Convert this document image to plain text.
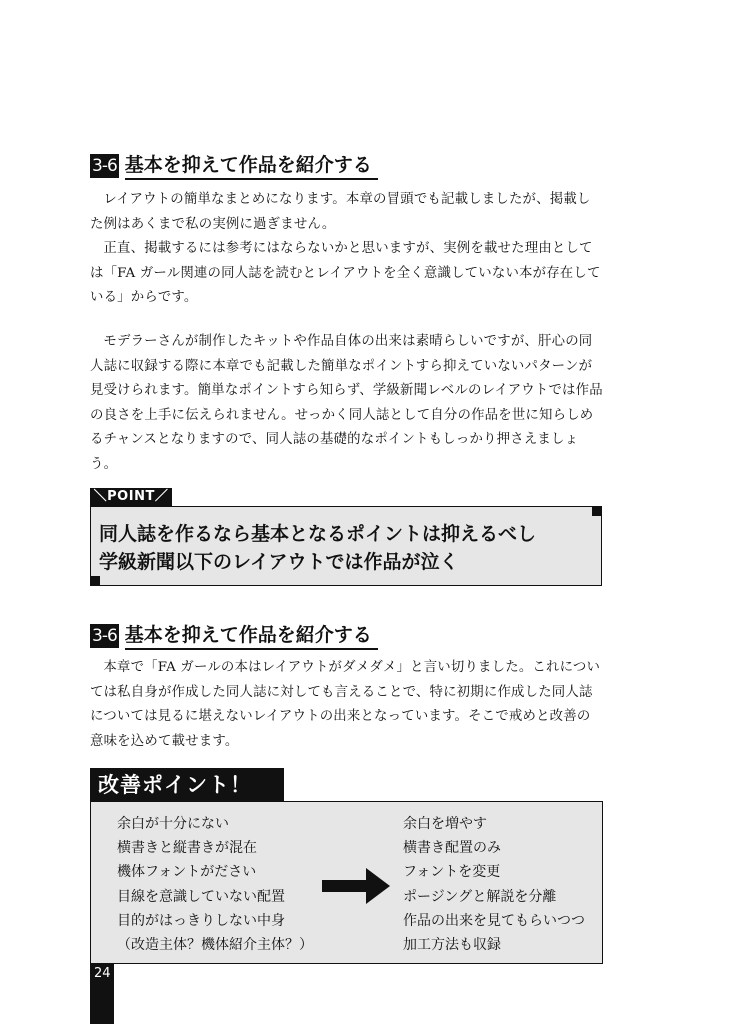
3-6 基本を抑えて作品を紹介する

レイアウトの簡単なまとめになります。本章の冒頭でも記載しましたが、掲載した例はあくまで私の実例に過ぎません。

正直、掲載するには参考にはならないかと思いますが、実例を載せた理由としては「FA ガール関連の同人誌を読むとレイアウトを全く意識していない本が存在している」からです。

モデラーさんが制作したキットや作品自体の出来は素晴らしいですが、肝心の同人誌に収録する際に本章でも記載した簡単なポイントすら抑えていないパターンが見受けられます。簡単なポイントすら知らず、学級新聞レベルのレイアウトでは作品の良さを上手に伝えられません。せっかく同人誌として自分の作品を世に知らしめるチャンスとなりますので、同人誌の基礎的なポイントもしっかり押さえましょう。

＼POINT／
同人誌を作るなら基本となるポイントは抑えるべし
学級新聞以下のレイアウトでは作品が泣く
3-6 基本を抑えて作品を紹介する

本章で「FA ガールの本はレイアウトがダメダメ」と言い切りました。これについては私自身が作成した同人誌に対しても言えることで、特に初期に作成した同人誌については見るに堪えないレイアウトの出来となっています。そこで戒めと改善の意味を込めて載せます。

改善ポイント！
余白が十分にない
横書きと縦書きが混在
機体フォントがださい
目線を意識していない配置
目的がはっきりしない中身
（改造主体？機体紹介主体？）
余白を増やす
横書き配置のみ
フォントを変更
ポージングと解説を分離
作品の出来を見てもらいつつ
加工方法も収録
24
